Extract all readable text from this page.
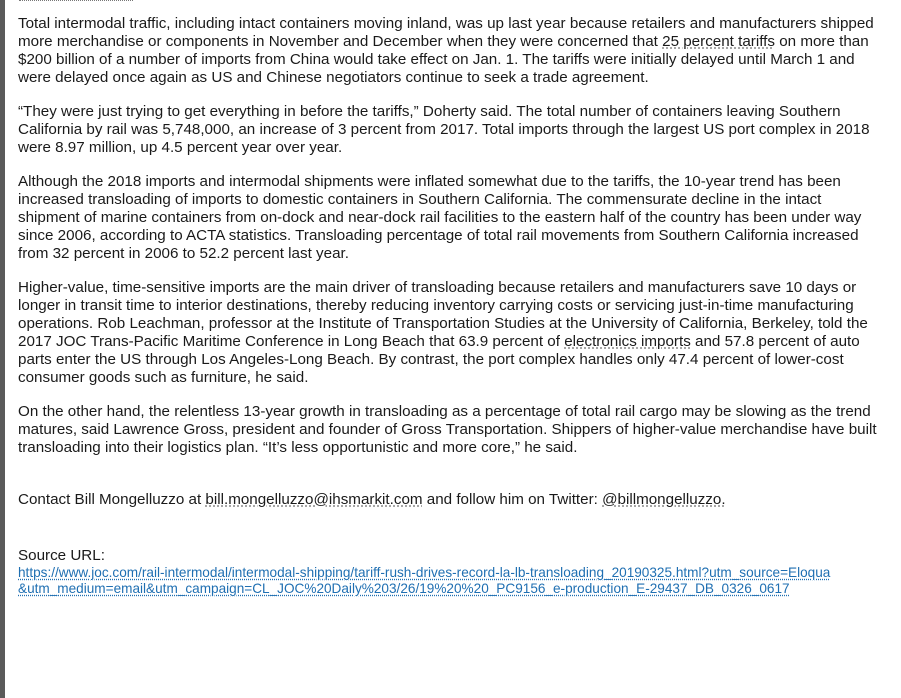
Total intermodal traffic, including intact containers moving inland, was up last year because retailers and manufacturers shipped more merchandise or components in November and December when they were concerned that 25 percent tariffs on more than $200 billion of a number of imports from China would take effect on Jan. 1. The tariffs were initially delayed until March 1 and were delayed once again as US and Chinese negotiators continue to seek a trade agreement.

“They were just trying to get everything in before the tariffs,” Doherty said. The total number of containers leaving Southern California by rail was 5,748,000, an increase of 3 percent from 2017. Total imports through the largest US port complex in 2018 were 8.97 million, up 4.5 percent year over year.

Although the 2018 imports and intermodal shipments were inflated somewhat due to the tariffs, the 10-year trend has been increased transloading of imports to domestic containers in Southern California. The commensurate decline in the intact shipment of marine containers from on-dock and near-dock rail facilities to the eastern half of the country has been under way since 2006, according to ACTA statistics. Transloading percentage of total rail movements from Southern California increased from 32 percent in 2006 to 52.2 percent last year.

Higher-value, time-sensitive imports are the main driver of transloading because retailers and manufacturers save 10 days or longer in transit time to interior destinations, thereby reducing inventory carrying costs or servicing just-in-time manufacturing operations. Rob Leachman, professor at the Institute of Transportation Studies at the University of California, Berkeley, told the 2017 JOC Trans-Pacific Maritime Conference in Long Beach that 63.9 percent of electronics imports and 57.8 percent of auto parts enter the US through Los Angeles-Long Beach. By contrast, the port complex handles only 47.4 percent of lower-cost consumer goods such as furniture, he said.

On the other hand, the relentless 13-year growth in transloading as a percentage of total rail cargo may be slowing as the trend matures, said Lawrence Gross, president and founder of Gross Transportation. Shippers of higher-value merchandise have built transloading into their logistics plan. “It’s less opportunistic and more core,” he said.

Contact Bill Mongelluzzo at bill.mongelluzzo@ihsmarkit.com and follow him on Twitter: @billmongelluzzo.

Source URL:

https://www.joc.com/rail-intermodal/intermodal-shipping/tariff-rush-drives-record-la-lb-transloading_20190325.html?utm_source=Eloqua&utm_medium=email&utm_campaign=CL_JOC%20Daily%203/26/19%20%20_PC9156_e-production_E-29437_DB_0326_0617
